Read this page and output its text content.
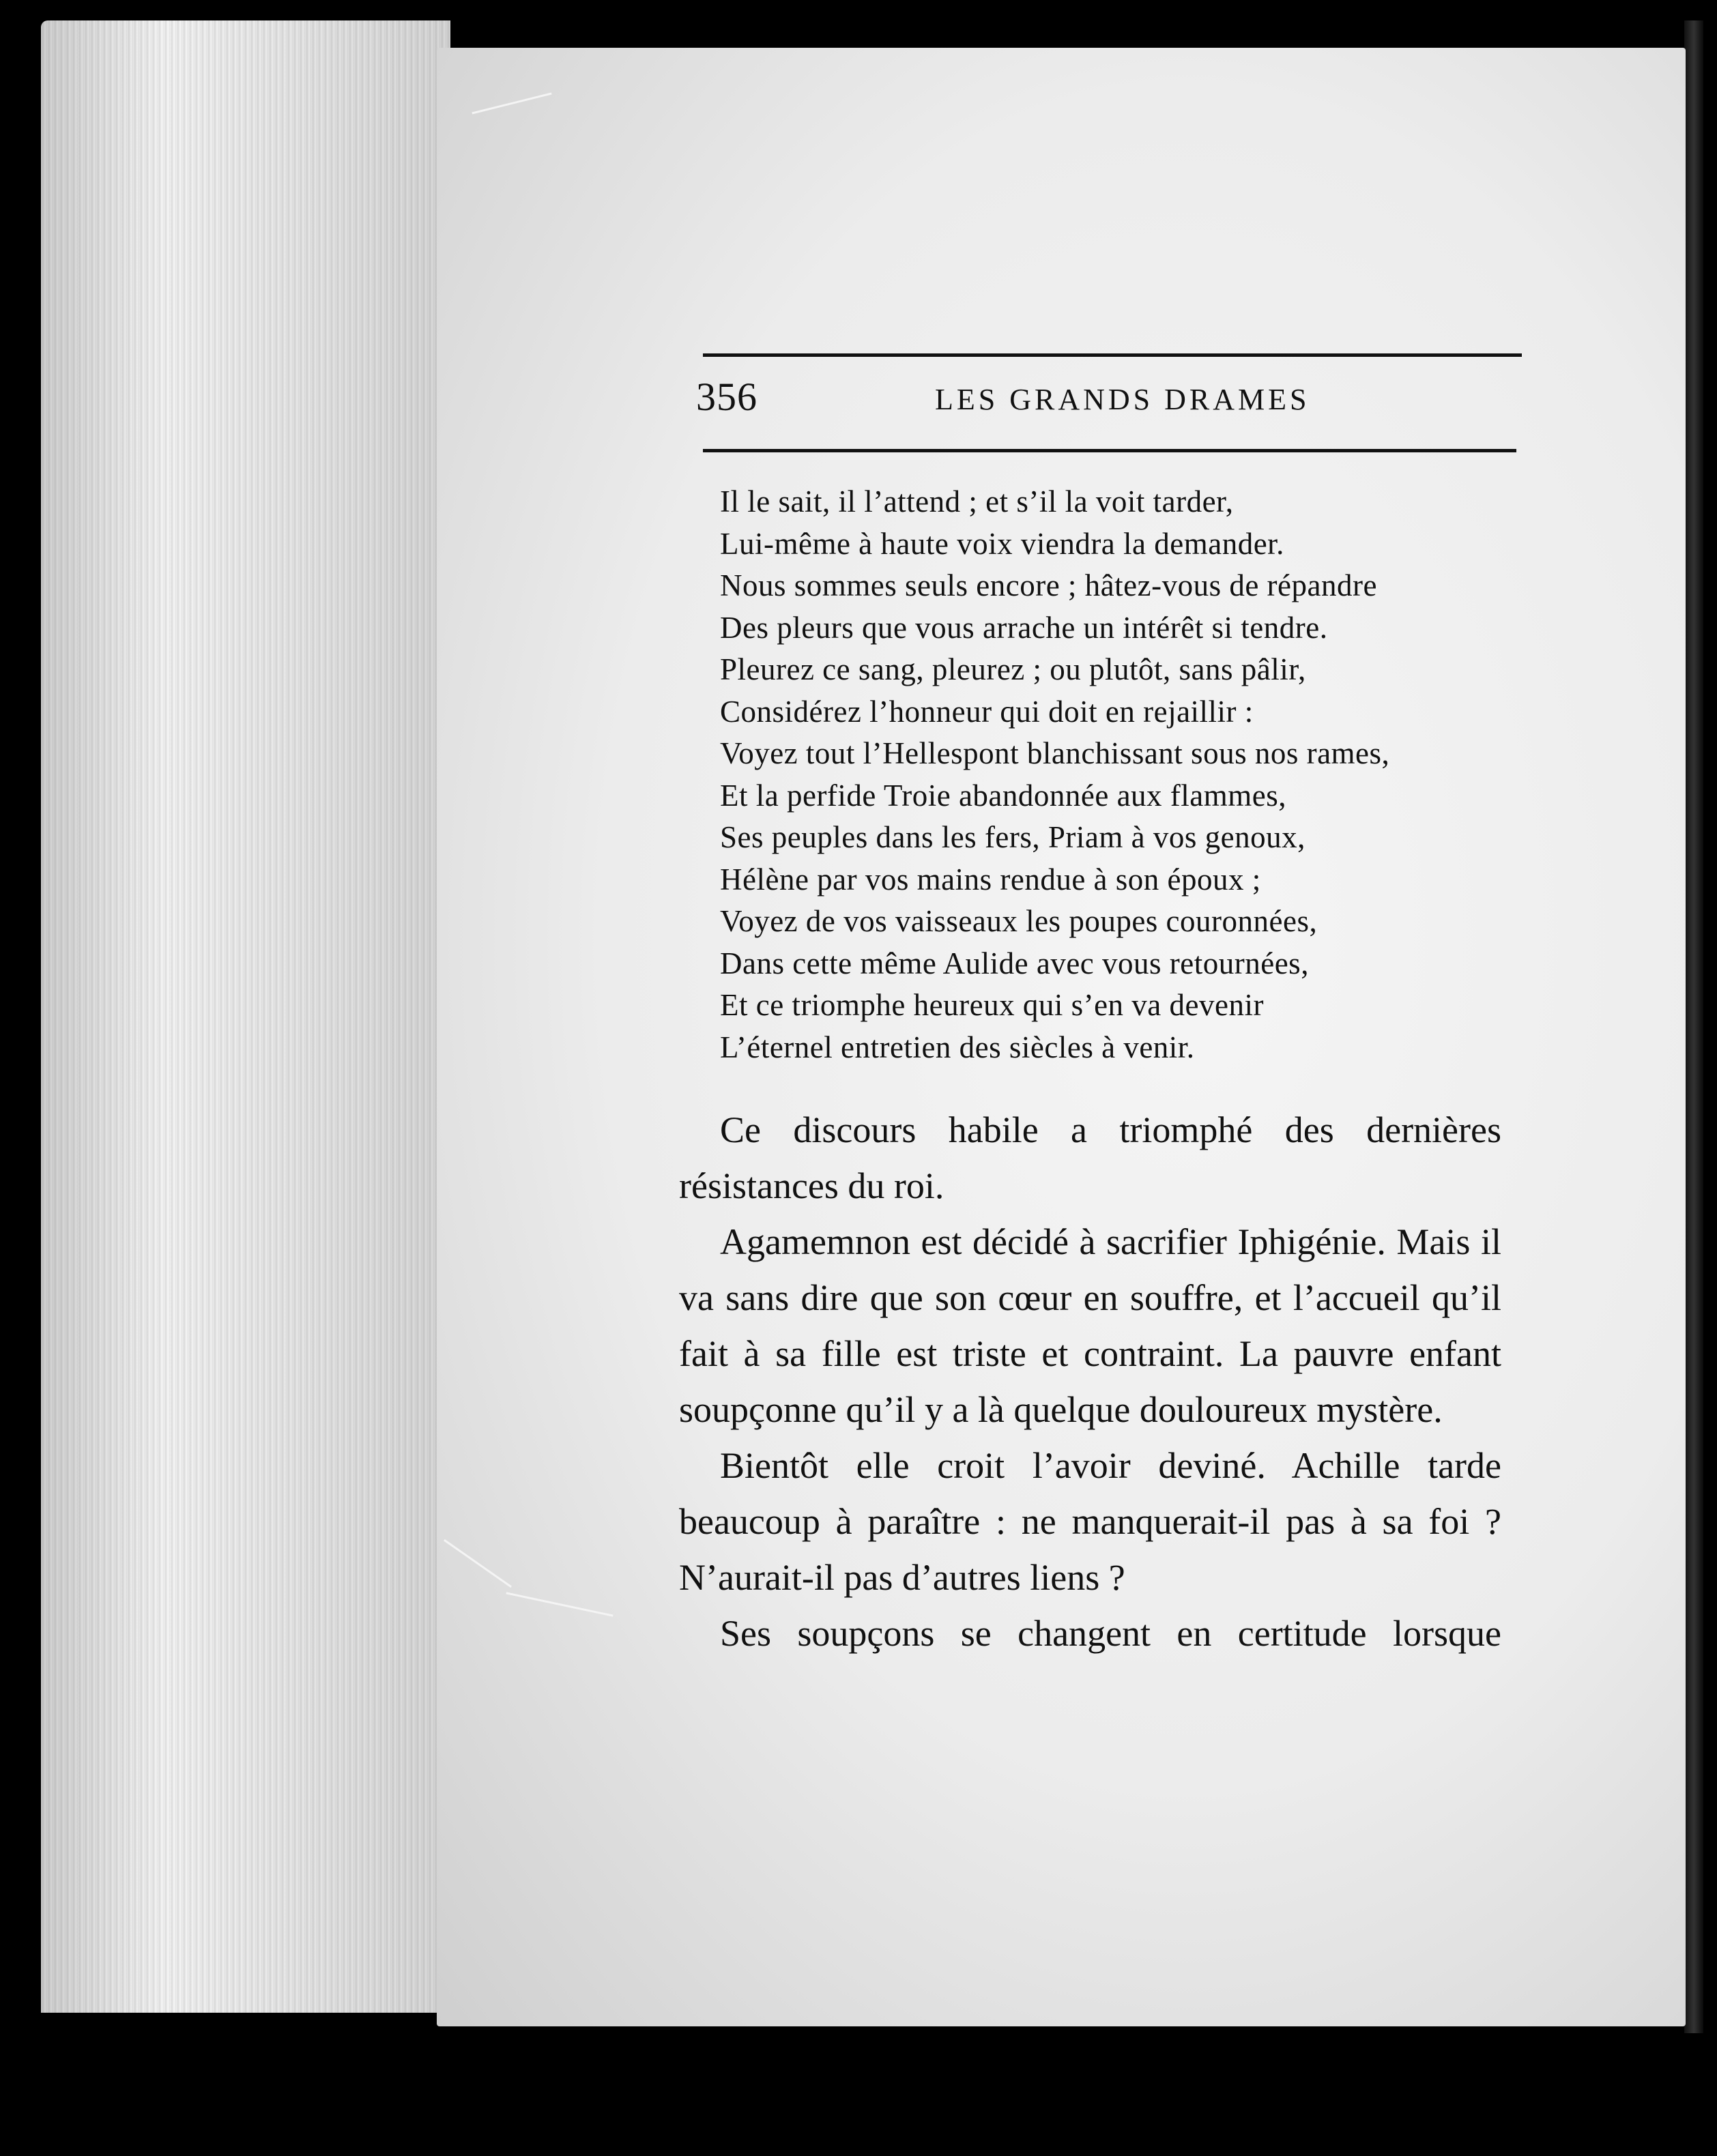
356	LES GRANDS DRAMES
Il le sait, il l’attend ; et s’il la voit tarder,
Lui-même à haute voix viendra la demander.
Nous sommes seuls encore ; hâtez-vous de répandre
Des pleurs que vous arrache un intérêt si tendre.
Pleurez ce sang, pleurez ; ou plutôt, sans pâlir,
Considérez l’honneur qui doit en rejaillir :
Voyez tout l’Hellespont blanchissant sous nos rames,
Et la perfide Troie abandonnée aux flammes,
Ses peuples dans les fers, Priam à vos genoux,
Hélène par vos mains rendue à son époux ;
Voyez de vos vaisseaux les poupes couronnées,
Dans cette même Aulide avec vous retournées,
Et ce triomphe heureux qui s’en va devenir
L’éternel entretien des siècles à venir.

Ce discours habile a triomphé des dernières résistances du roi.

Agamemnon est décidé à sacrifier Iphigénie. Mais il va sans dire que son cœur en souffre, et l’accueil qu’il fait à sa fille est triste et contraint. La pauvre enfant soupçonne qu’il y a là quelque douloureux mystère.

Bientôt elle croit l’avoir deviné. Achille tarde beaucoup à paraître : ne manquerait-il pas à sa foi ? N’aurait-il pas d’autres liens ?

Ses soupçons se changent en certitude lorsque
